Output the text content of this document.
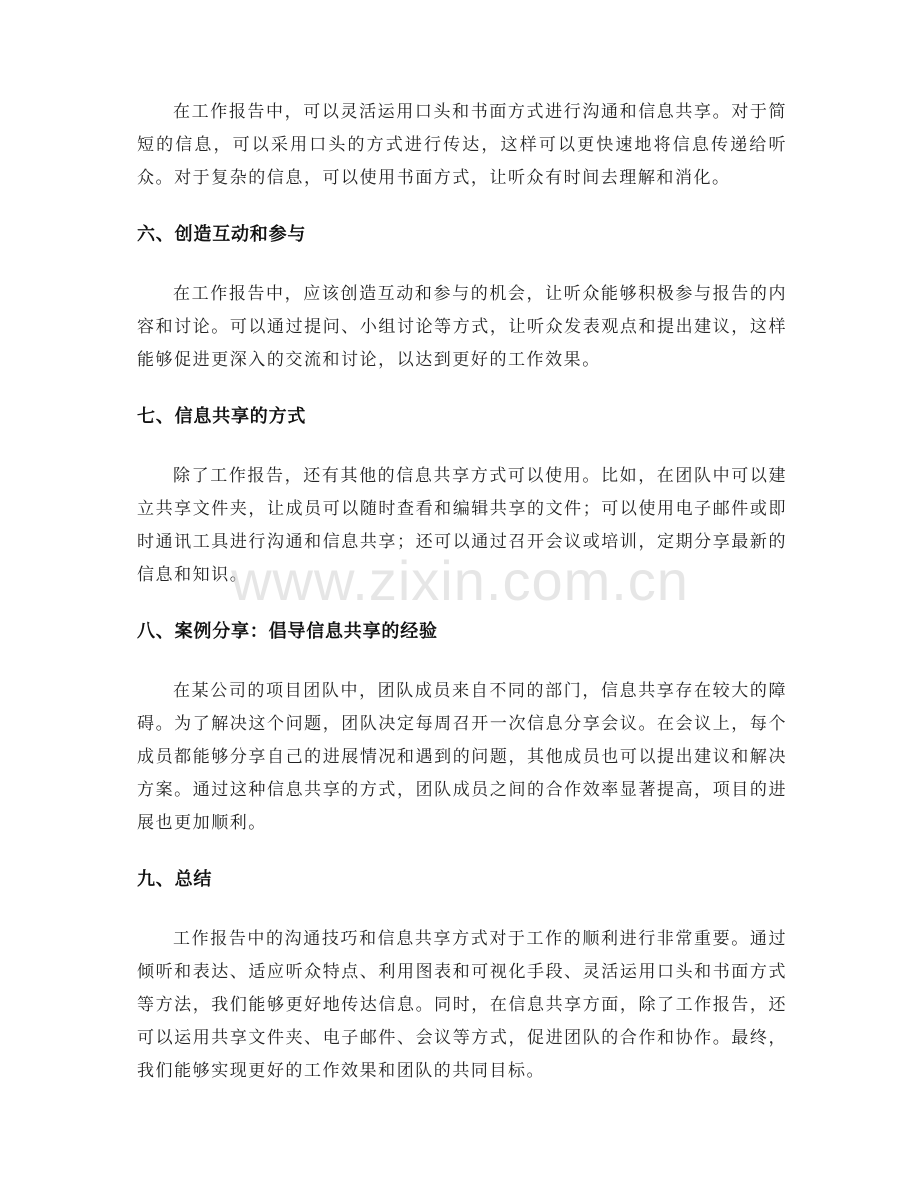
在工作报告中，可以灵活运用口头和书面方式进行沟通和信息共享。对于简短的信息，可以采用口头的方式进行传达，这样可以更快速地将信息传递给听众。对于复杂的信息，可以使用书面方式，让听众有时间去理解和消化。

六、创造互动和参与

在工作报告中，应该创造互动和参与的机会，让听众能够积极参与报告的内容和讨论。可以通过提问、小组讨论等方式，让听众发表观点和提出建议，这样能够促进更深入的交流和讨论，以达到更好的工作效果。

七、信息共享的方式

除了工作报告，还有其他的信息共享方式可以使用。比如，在团队中可以建立共享文件夹，让成员可以随时查看和编辑共享的文件；可以使用电子邮件或即时通讯工具进行沟通和信息共享；还可以通过召开会议或培训，定期分享最新的信息和知识。

八、案例分享：倡导信息共享的经验

在某公司的项目团队中，团队成员来自不同的部门，信息共享存在较大的障碍。为了解决这个问题，团队决定每周召开一次信息分享会议。在会议上，每个成员都能够分享自己的进展情况和遇到的问题，其他成员也可以提出建议和解决方案。通过这种信息共享的方式，团队成员之间的合作效率显著提高，项目的进展也更加顺利。

九、总结

工作报告中的沟通技巧和信息共享方式对于工作的顺利进行非常重要。通过倾听和表达、适应听众特点、利用图表和可视化手段、灵活运用口头和书面方式等方法，我们能够更好地传达信息。同时，在信息共享方面，除了工作报告，还可以运用共享文件夹、电子邮件、会议等方式，促进团队的合作和协作。最终，我们能够实现更好的工作效果和团队的共同目标。

www.zixin.com.cn
